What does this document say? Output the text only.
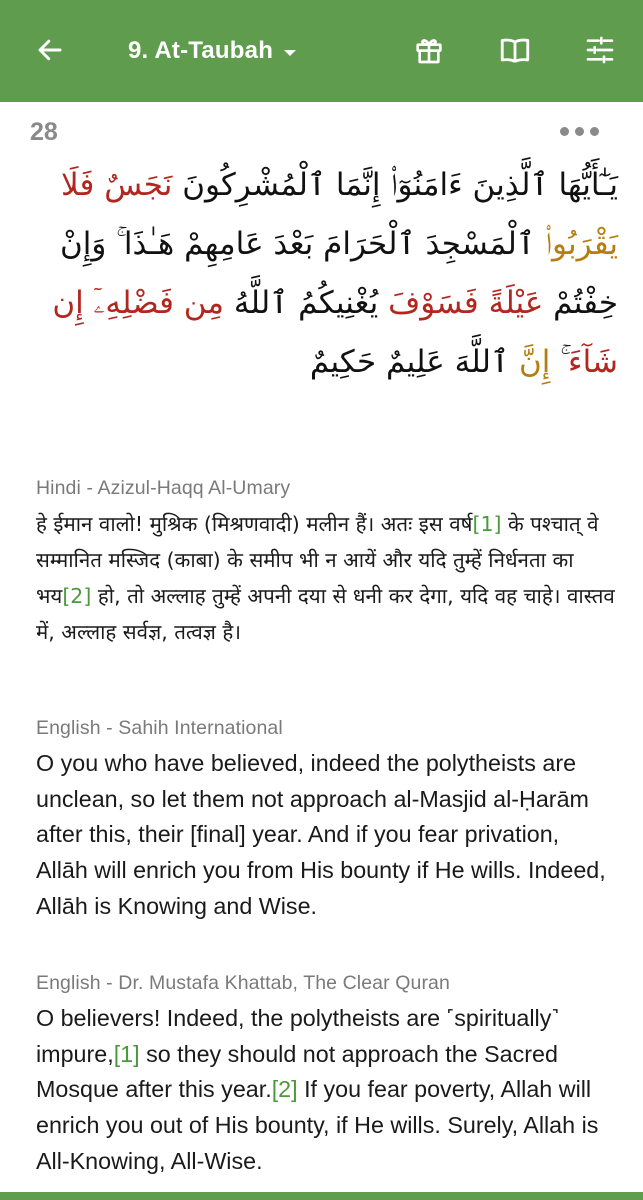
9. At-Taubah
28
يَـٰٓأَيُّهَا ٱلَّذِينَ ءَامَنُوٓا۟ إِنَّمَا ٱلْمُشْرِكُونَ نَجَسٌ فَلَا يَقْرَبُوا۟ ٱلْمَسْجِدَ ٱلْحَرَامَ بَعْدَ عَامِهِمْ هَـٰذَا ۚ وَإِنْ خِفْتُمْ عَيْلَةً فَسَوْفَ يُغْنِيكُمُ ٱللَّهُ مِن فَضْلِهِۦٓ إِن شَآءَ ۚ إِنَّ ٱللَّهَ عَلِيمٌ حَكِيمٌ
Hindi - Azizul-Haqq Al-Umary
हे ईमान वालो! मुश्रिक (मिश्रणवादी) मलीन हैं। अतः इस वर्ष[1] के पश्चात् वे सम्मानित मस्जिद (काबा) के समीप भी न आयें और यदि तुम्हें निर्धनता का भय[2] हो, तो अल्लाह तुम्हें अपनी दया से धनी कर देगा, यदि वह चाहे। वास्तव में, अल्लाह सर्वज्ञ, तत्वज्ञ है।
English - Sahih International
O you who have believed, indeed the polytheists are unclean, so let them not approach al-Masjid al-Ḥarām after this, their [final] year. And if you fear privation, Allāh will enrich you from His bounty if He wills. Indeed, Allāh is Knowing and Wise.
English - Dr. Mustafa Khattab, The Clear Quran
O believers! Indeed, the polytheists are ˹spiritually˺ impure,[1] so they should not approach the Sacred Mosque after this year.[2] If you fear poverty, Allah will enrich you out of His bounty, if He wills. Surely, Allah is All-Knowing, All-Wise.
